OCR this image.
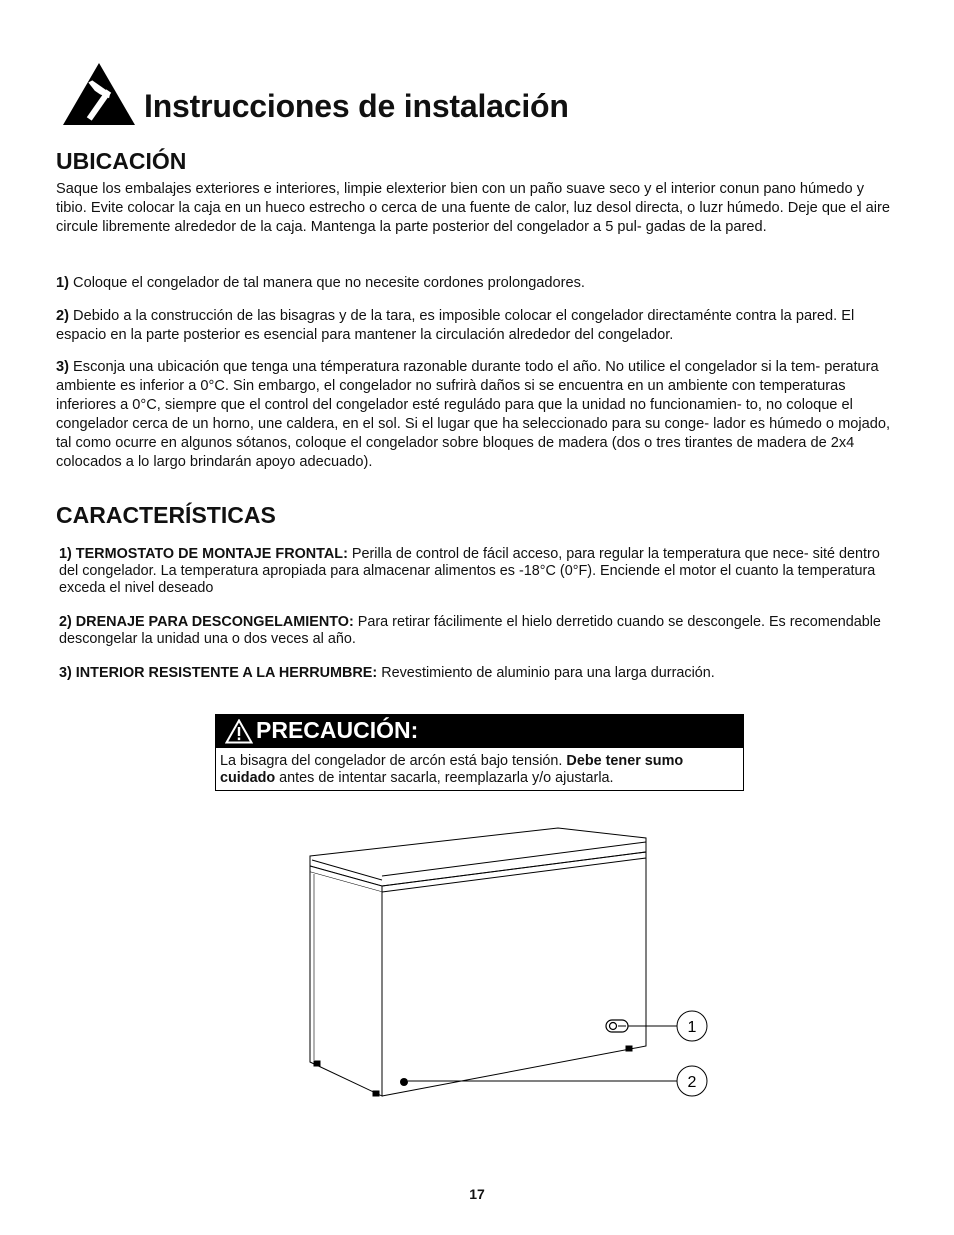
Instrucciones de instalación
UBICACIÓN
Saque los embalajes exteriores e interiores, limpie elexterior bien con un paño suave seco y el interior conun pano húmedo y tibio. Evite colocar la caja en un hueco estrecho o cerca de una fuente de calor, luz desol directa, o luzr húmedo. Deje que el aire circule libremente alrededor de la caja. Mantenga la parte posterior del congelador a 5 pul- gadas de la pared.
1) Coloque el congelador de tal manera que no necesite cordones prolongadores.
2) Debido a la construcción de las bisagras y de la tara, es imposible colocar el congelador directaménte contra la pared. El espacio en la parte posterior es esencial para mantener la circulación alrededor del congelador.
3) Esconja una ubicación que tenga una témperatura razonable durante todo el año. No utilice el congelador si la tem- peratura ambiente es inferior a 0°C. Sin embargo, el congelador no sufrirà daños si se encuentra en un ambiente con temperaturas inferiores a 0°C, siempre que el control del congelador esté reguládo para que la unidad no funcionamien- to, no coloque el congelador cerca de un horno, une caldera, en el sol. Si el lugar que ha seleccionado para su conge- lador es húmedo o mojado, tal como ocurre en algunos sótanos, coloque el congelador sobre bloques de madera (dos o tres tirantes de madera de 2x4 colocados a lo largo brindarán apoyo adecuado).
CARACTERÍSTICAS
1) TERMOSTATO DE MONTAJE FRONTAL: Perilla de control de fácil acceso, para regular la temperatura que nece- sité dentro del congelador. La temperatura apropiada para almacenar alimentos es -18°C (0°F). Enciende el motor el cuanto la temperatura exceda el nivel deseado
2) DRENAJE PARA DESCONGELAMIENTO: Para retirar fácilimente el hielo derretido cuando se descongele. Es recomendable descongelar la unidad una o dos veces al año.
3) INTERIOR RESISTENTE A LA HERRUMBRE: Revestimiento de aluminio para una larga durración.
PRECAUCIÓN:
La bisagra del congelador de arcón está bajo tensión. Debe tener sumo cuidado antes de intentar sacarla, reemplazarla y/o ajustarla.
1
2
17
